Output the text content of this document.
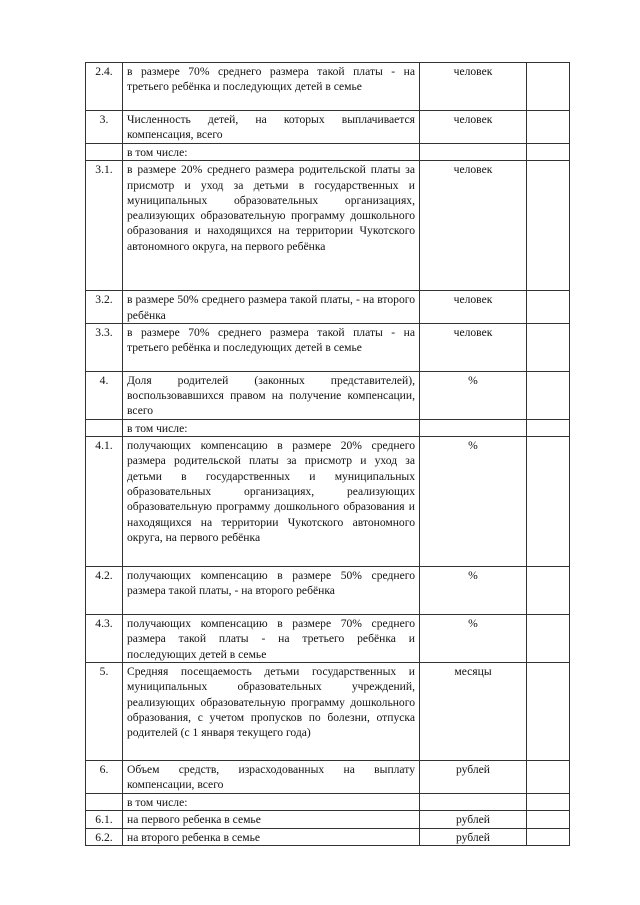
2.4.	в размере 70% среднего размера такой платы - на третьего ребёнка и последующих детей в семье	человек	
3.	Численность детей, на которых выплачивается компенсация, всего	человек	
	в том числе:		
3.1.	в размере 20% среднего размера родительской платы за присмотр и уход за детьми в государственных и муниципальных образовательных организациях, реализующих образовательную программу дошкольного образования и находящихся на территории Чукотского автономного округа, на первого ребёнка	человек	
3.2.	в размере 50% среднего размера такой платы, - на второго ребёнка	человек	
3.3.	в размере 70% среднего размера такой платы - на третьего ребёнка и последующих детей в семье	человек	
4.	Доля родителей (законных представителей), воспользовавшихся правом на получение компенсации, всего	%	
	в том числе:		
4.1.	получающих компенсацию в размере 20% среднего размера родительской платы за присмотр и уход за детьми в государственных и муниципальных образовательных организациях, реализующих образовательную программу дошкольного образования и находящихся на территории Чукотского автономного округа, на первого ребёнка	%	
4.2.	получающих компенсацию в размере 50% среднего размера такой платы, - на второго ребёнка	%	
4.3.	получающих компенсацию в размере 70% среднего размера такой платы - на третьего ребёнка и последующих детей в семье	%	
5.	Средняя посещаемость детьми государственных и муниципальных образовательных учреждений, реализующих образовательную программу дошкольного образования, с учетом пропусков по болезни, отпуска родителей (с 1 января текущего года)	месяцы	
6.	Объем средств, израсходованных на выплату компенсации, всего	рублей	
	в том числе:		
6.1.	на первого ребенка в семье	рублей	
6.2.	на второго ребенка в семье	рублей	
